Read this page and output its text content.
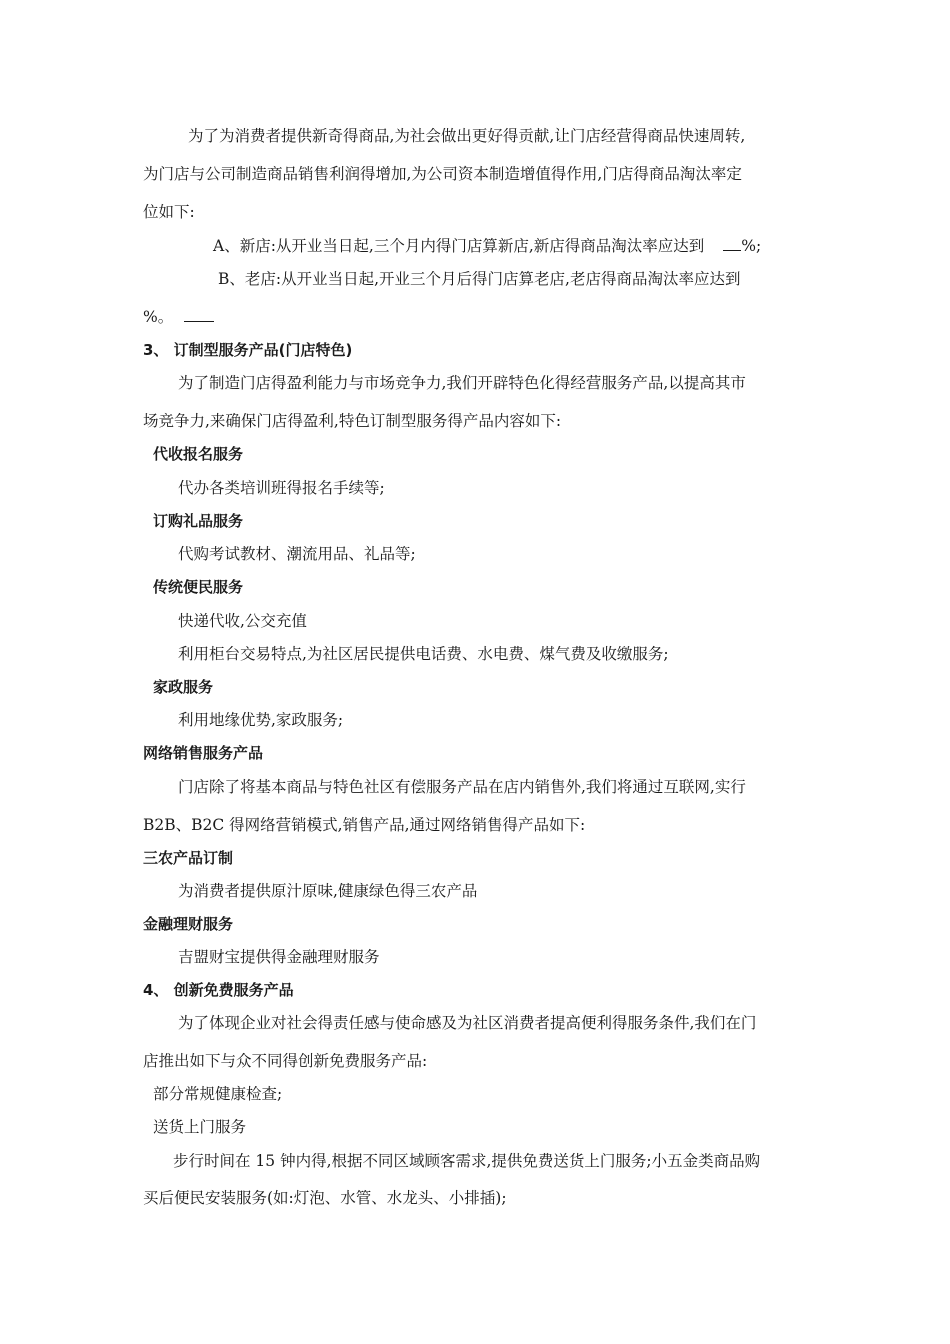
为了为消费者提供新奇得商品,为社会做出更好得贡献,让门店经营得商品快速周转,
为门店与公司制造商品销售利润得增加,为公司资本制造增值得作用,门店得商品淘汰率定
位如下:
A、新店:从开业当日起,三个月内得门店算新店,新店得商品淘汰率应达到 %;
B、老店:从开业当日起,开业三个月后得门店算老店,老店得商品淘汰率应达到
%。
3、 订制型服务产品(门店特色)
为了制造门店得盈利能力与市场竞争力,我们开辟特色化得经营服务产品,以提高其市
场竞争力,来确保门店得盈利,特色订制型服务得产品内容如下:
代收报名服务
代办各类培训班得报名手续等;
订购礼品服务
代购考试教材、潮流用品、礼品等;
传统便民服务
快递代收,公交充值
利用柜台交易特点,为社区居民提供电话费、水电费、煤气费及收缴服务;
家政服务
利用地缘优势,家政服务;
网络销售服务产品
门店除了将基本商品与特色社区有偿服务产品在店内销售外,我们将通过互联网,实行
B2B、B2C 得网络营销模式,销售产品,通过网络销售得产品如下:
三农产品订制
为消费者提供原汁原味,健康绿色得三农产品
金融理财服务
吉盟财宝提供得金融理财服务
4、 创新免费服务产品
为了体现企业对社会得责任感与使命感及为社区消费者提高便利得服务条件,我们在门
店推出如下与众不同得创新免费服务产品:
部分常规健康检查;
送货上门服务
步行时间在 15 钟内得,根据不同区域顾客需求,提供免费送货上门服务;小五金类商品购
买后便民安装服务(如:灯泡、水管、水龙头、小排插);
